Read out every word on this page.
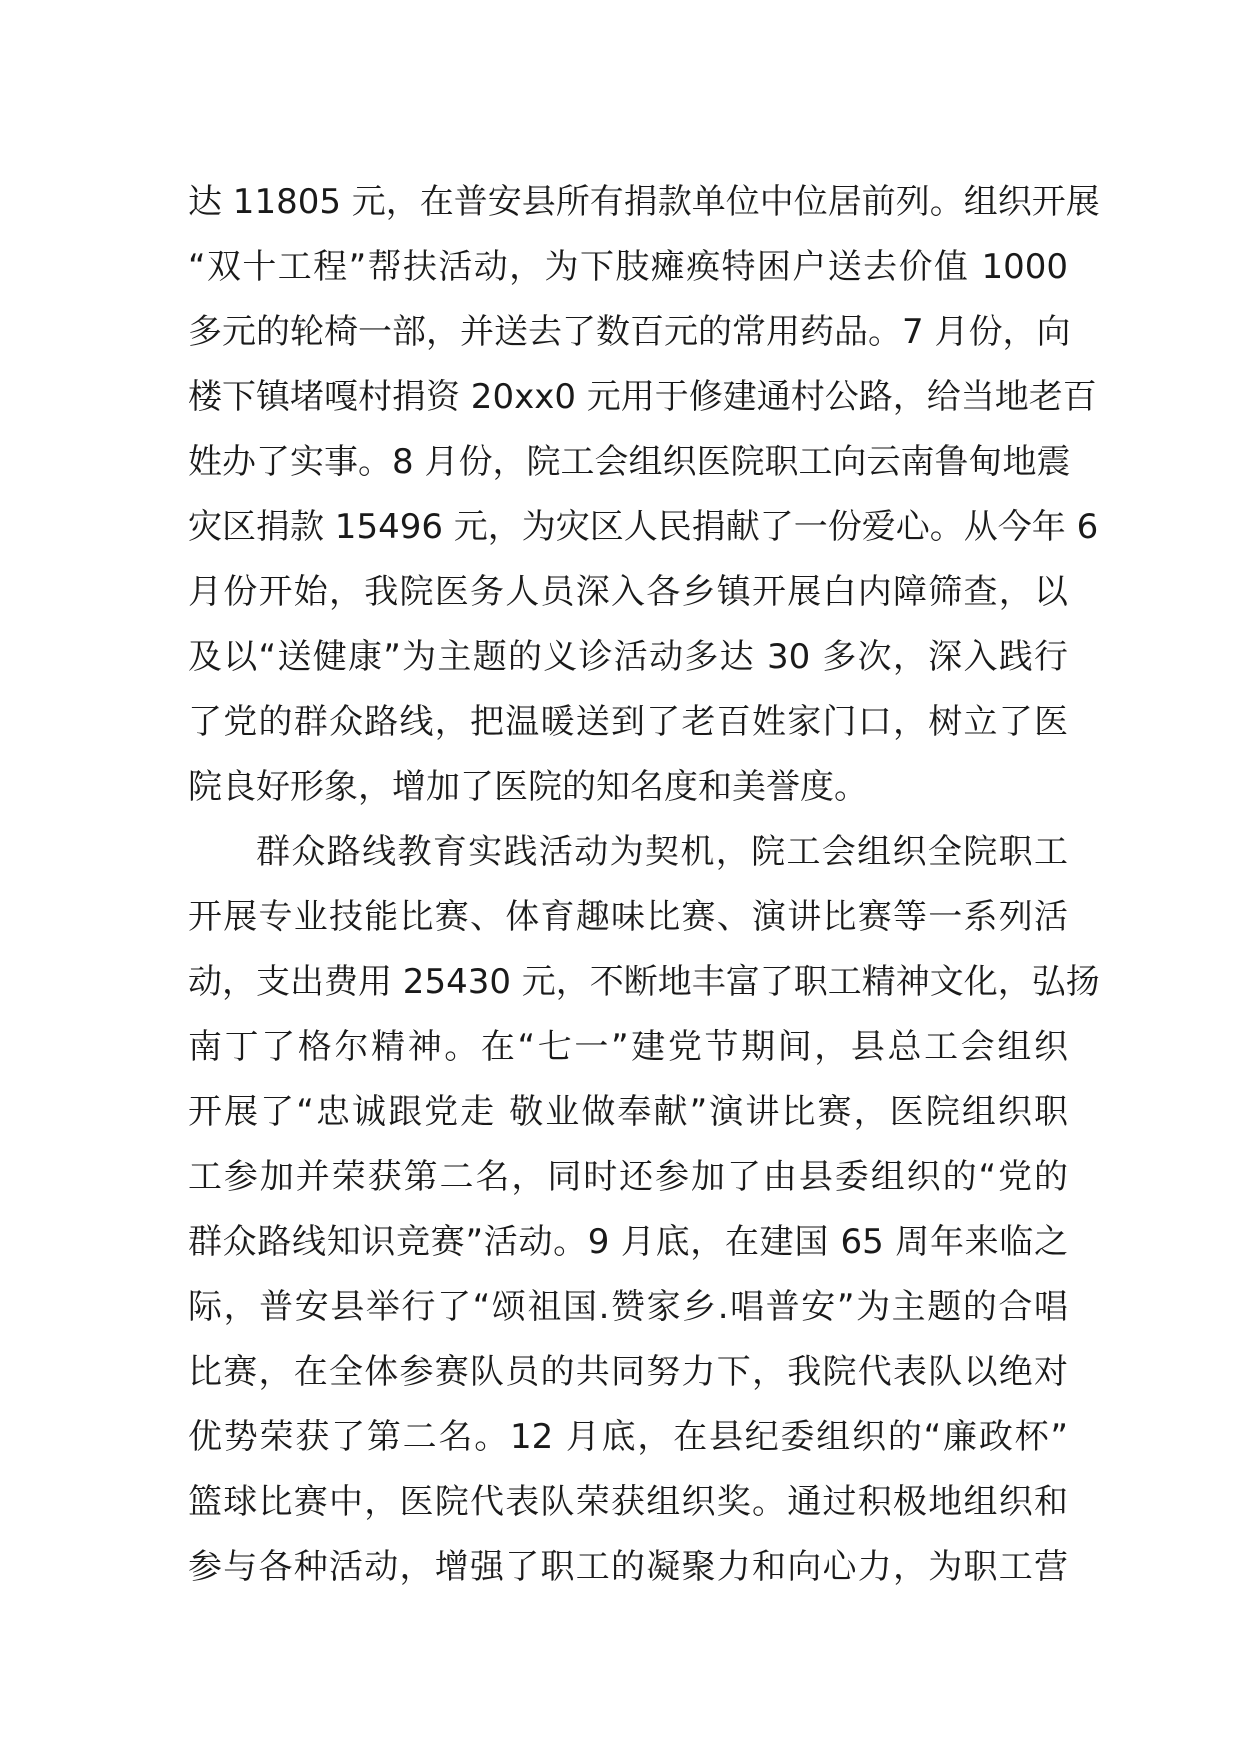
达 11805 元，在普安县所有捐款单位中位居前列。组织开展
“双十工程”帮扶活动，为下肢瘫痪特困户送去价值 1000
多元的轮椅一部，并送去了数百元的常用药品。7 月份，向
楼下镇堵嘎村捐资 20xx0 元用于修建通村公路，给当地老百
姓办了实事。8 月份，院工会组织医院职工向云南鲁甸地震
灾区捐款 15496 元，为灾区人民捐献了一份爱心。从今年 6
月份开始，我院医务人员深入各乡镇开展白内障筛查，以
及以“送健康”为主题的义诊活动多达 30 多次，深入践行
了党的群众路线，把温暖送到了老百姓家门口，树立了医
院良好形象，增加了医院的知名度和美誉度。
群众路线教育实践活动为契机，院工会组织全院职工
开展专业技能比赛、体育趣味比赛、演讲比赛等一系列活
动，支出费用 25430 元，不断地丰富了职工精神文化，弘扬
南丁了格尔精神。在“七一”建党节期间，县总工会组织
开展了“忠诚跟党走 敬业做奉献”演讲比赛，医院组织职
工参加并荣获第二名，同时还参加了由县委组织的“党的
群众路线知识竞赛”活动。9 月底，在建国 65 周年来临之
际，普安县举行了“颂祖国.赞家乡.唱普安”为主题的合唱
比赛，在全体参赛队员的共同努力下，我院代表队以绝对
优势荣获了第二名。12 月底，在县纪委组织的“廉政杯”
篮球比赛中，医院代表队荣获组织奖。通过积极地组织和
参与各种活动，增强了职工的凝聚力和向心力，为职工营
